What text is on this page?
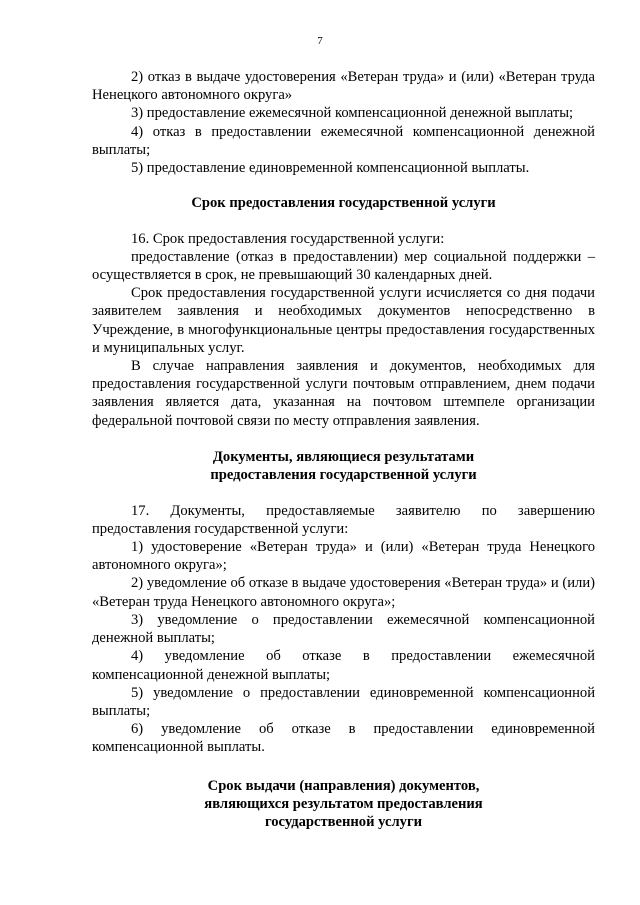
7

2) отказ в выдаче удостоверения «Ветеран труда» и (или) «Ветеран труда Ненецкого автономного округа»

3) предоставление ежемесячной компенсационной денежной выплаты;

4) отказ в предоставлении ежемесячной компенсационной денежной выплаты;

5) предоставление единовременной компенсационной выплаты.

Срок предоставления государственной услуги

16. Срок предоставления государственной услуги:

предоставление (отказ в предоставлении) мер социальной поддержки – осуществляется в срок, не превышающий 30 календарных дней.

Срок предоставления государственной услуги исчисляется со дня подачи заявителем заявления и необходимых документов непосредственно в Учреждение, в многофункциональные центры предоставления государственных и муниципальных услуг.

В случае направления заявления и документов, необходимых для предоставления государственной услуги почтовым отправлением, днем подачи заявления является дата, указанная на почтовом штемпеле организации федеральной почтовой связи по месту отправления заявления.

Документы, являющиеся результатами
предоставления государственной услуги

17. Документы, предоставляемые заявителю по завершению предоставления государственной услуги:

1) удостоверение «Ветеран труда» и (или) «Ветеран труда Ненецкого автономного округа»;

2) уведомление об отказе в выдаче удостоверения «Ветеран труда» и (или) «Ветеран труда Ненецкого автономного округа»;

3) уведомление о предоставлении ежемесячной компенсационной денежной выплаты;

4) уведомление об отказе в предоставлении ежемесячной компенсационной денежной выплаты;

5) уведомление о предоставлении единовременной компенсационной выплаты;

6) уведомление об отказе в предоставлении единовременной компенсационной выплаты.

Срок выдачи (направления) документов,
являющихся результатом предоставления
государственной услуги
